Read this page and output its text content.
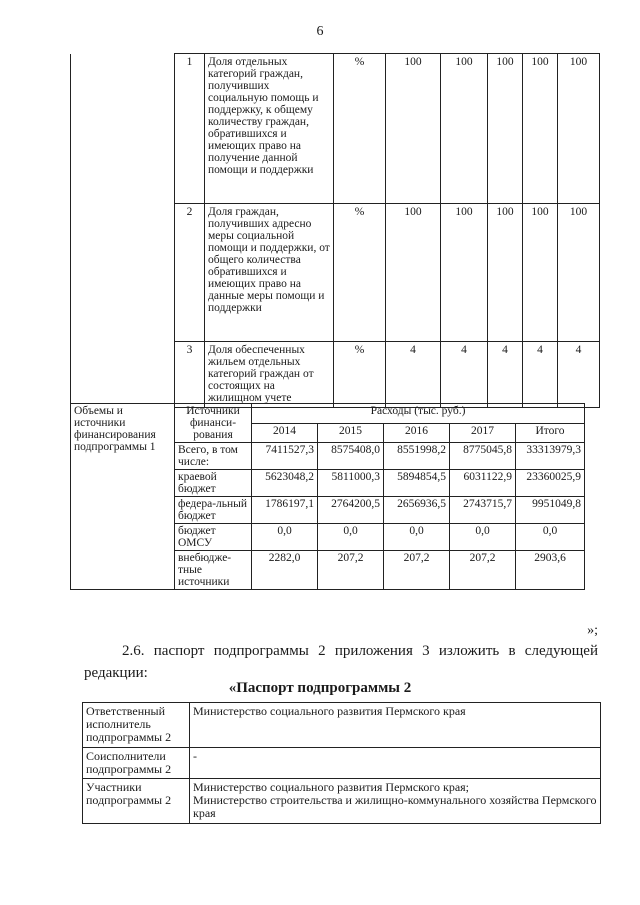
6
	1	Доля отдельных категорий граждан, получивших социальную помощь и поддержку, к общему количеству граждан, обратившихся и имеющих право на получение данной помощи и поддержки	%	100	100	100	100	100
	2	Доля граждан, получивших адресно меры социальной помощи и поддержки, от общего количества обратившихся и имеющих право на данные меры помощи и поддержки	%	100	100	100	100	100
	3	Доля обеспеченных жильем отдельных категорий граждан от состоящих на жилищном учете	%	4	4	4	4	4
Объемы и источники финансирования подпрограммы 1	Источники финанси-рования	Расходы (тыс. руб.)				
		2014	2015	2016	2017	Итого
	Всего, в том числе:	7411527,3	8575408,0	8551998,2	8775045,8	33313979,3
	краевой бюджет	5623048,2	5811000,3	5894854,5	6031122,9	23360025,9
	федера-льный бюджет	1786197,1	2764200,5	2656936,5	2743715,7	9951049,8
	бюджет ОМСУ	0,0	0,0	0,0	0,0	0,0
	внебюдже-тные источники	2282,0	207,2	207,2	207,2	2903,6
»;
2.6. паспорт подпрограммы 2 приложения 3 изложить в следующей
редакции:
«Паспорт подпрограммы 2
Ответственный исполнитель подпрограммы 2	Министерство социального развития Пермского края
Соисполнители подпрограммы 2	-
Участники подпрограммы 2	Министерство социального развития Пермского края;
Министерство строительства и жилищно-коммунального хозяйства Пермского края
